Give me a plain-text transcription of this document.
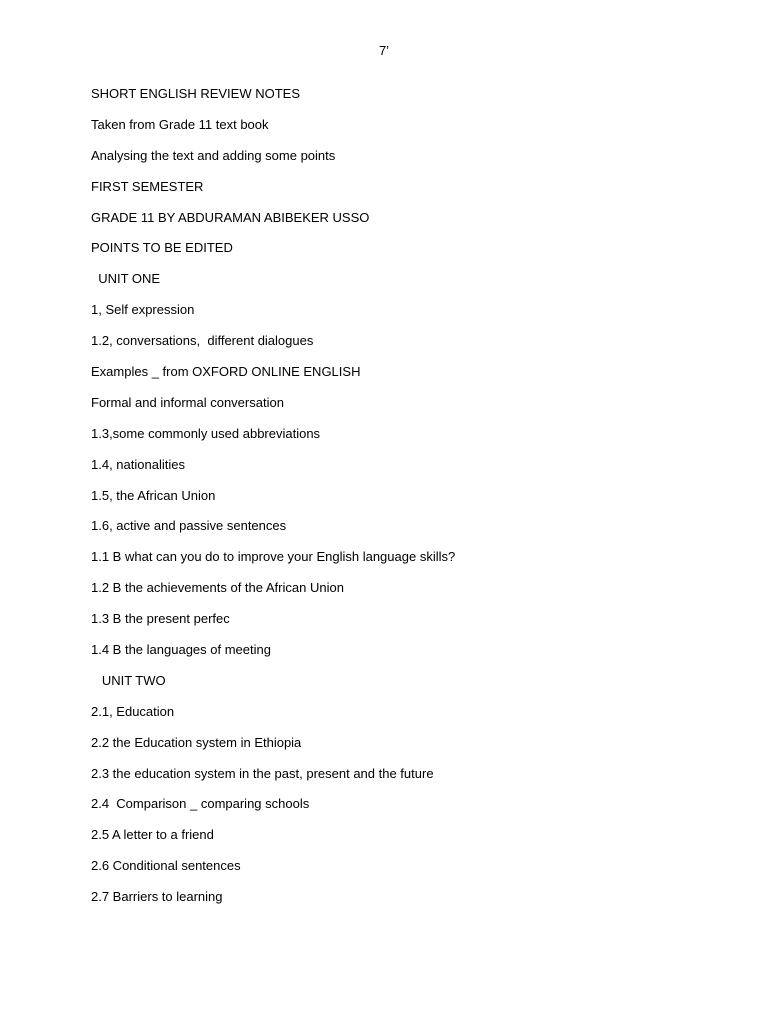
7’
SHORT ENGLISH REVIEW NOTES
Taken from Grade 11 text book
Analysing the text and adding some points
FIRST SEMESTER
GRADE 11 BY ABDURAMAN ABIBEKER USSO
POINTS TO BE EDITED
UNIT ONE
1, Self expression
1.2, conversations,  different dialogues
Examples _ from OXFORD ONLINE ENGLISH
Formal and informal conversation
1.3,some commonly used abbreviations
1.4, nationalities
1.5, the African Union
1.6, active and passive sentences
1.1 B what can you do to improve your English language skills?
1.2 B the achievements of the African Union
1.3 B the present perfec
1.4 B the languages of meeting
UNIT TWO
2.1, Education
2.2 the Education system in Ethiopia
2.3 the education system in the past, present and the future
2.4  Comparison _ comparing schools
2.5 A letter to a friend
2.6 Conditional sentences
2.7 Barriers to learning
